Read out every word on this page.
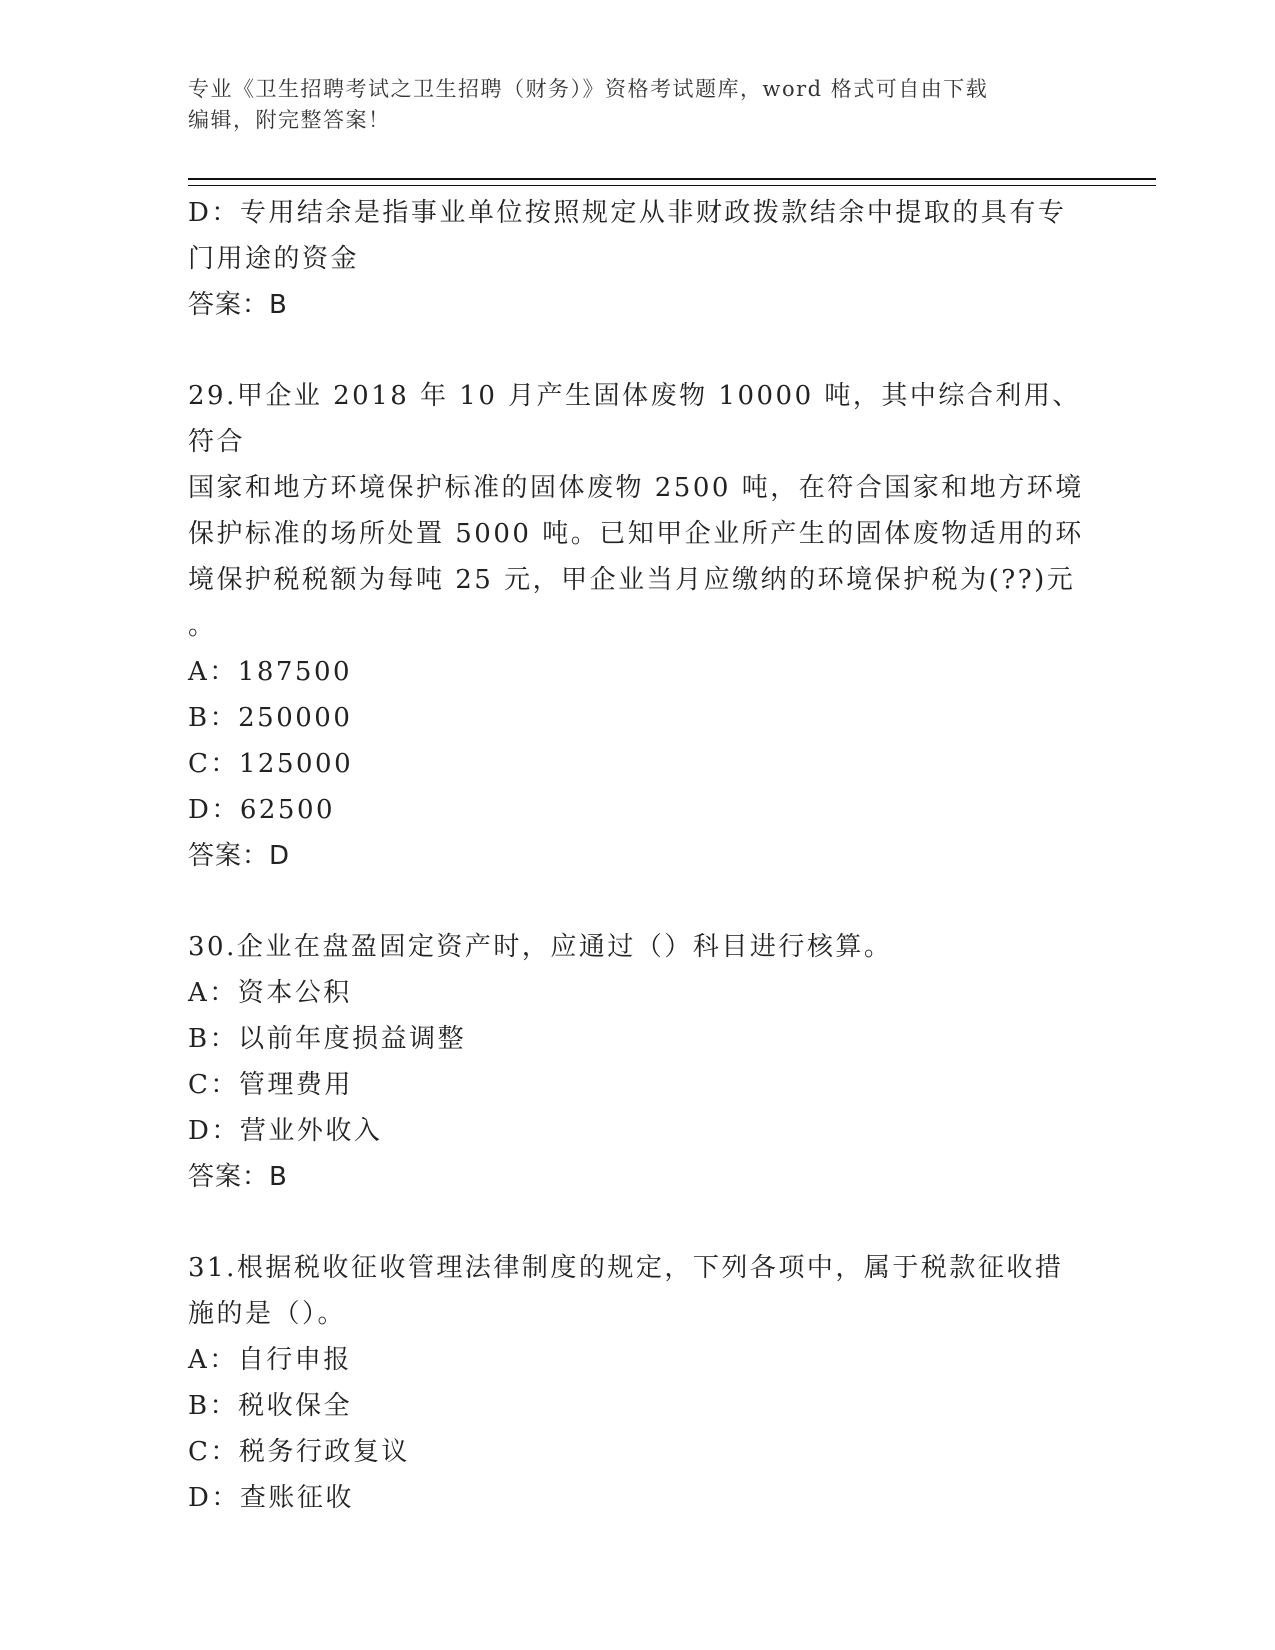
专业《卫生招聘考试之卫生招聘（财务）》资格考试题库，word 格式可自由下载
编辑，附完整答案！

D：专用结余是指事业单位按照规定从非财政拨款结余中提取的具有专

门用途的资金

答案：B

29.甲企业 2018 年 10 月产生固体废物 10000 吨，其中综合利用、符合

国家和地方环境保护标准的固体废物 2500 吨，在符合国家和地方环境

保护标准的场所处置 5000 吨。已知甲企业所产生的固体废物适用的环

境保护税税额为每吨 25 元，甲企业当月应缴纳的环境保护税为(??)元

。

A：187500

B：250000

C：125000

D：62500

答案：D

30.企业在盘盈固定资产时，应通过（）科目进行核算。

A：资本公积

B：以前年度损益调整

C：管理费用

D：营业外收入

答案：B

31.根据税收征收管理法律制度的规定，下列各项中，属于税款征收措

施的是（）。

A：自行申报

B：税收保全

C：税务行政复议

D：查账征收
